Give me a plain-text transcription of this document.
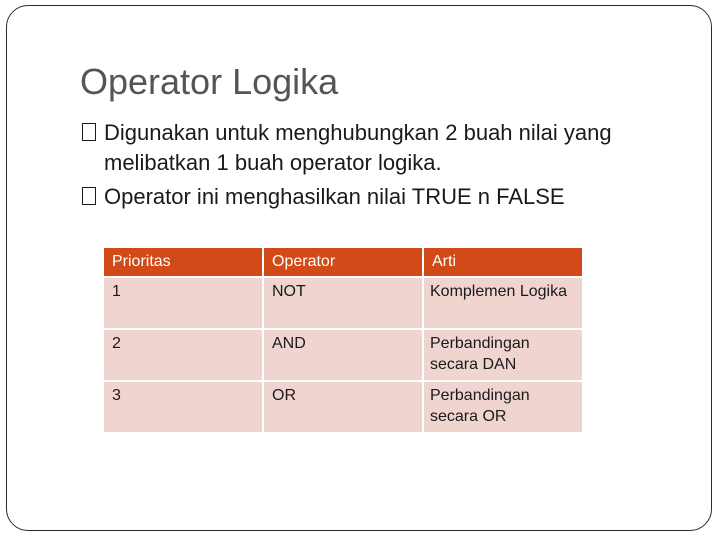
Operator Logika
Digunakan untuk menghubungkan 2 buah nilai yang melibatkan 1 buah operator logika.
Operator ini menghasilkan nilai TRUE n FALSE
Prioritas	Operator	Arti
1	NOT	Komplemen Logika
2	AND	Perbandingan secara DAN
3	OR	Perbandingan secara OR
